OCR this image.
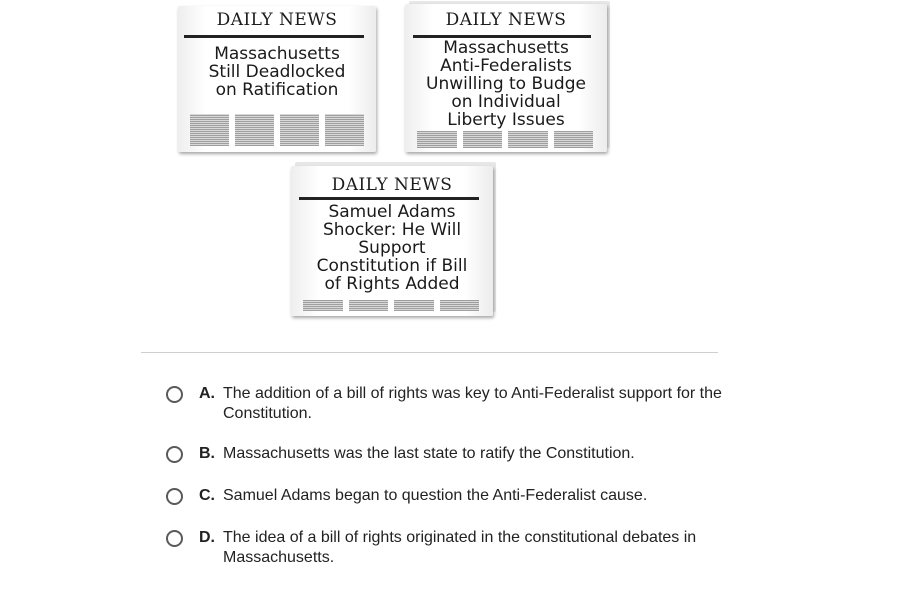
DAILY NEWS
Massachusetts
Still Deadlocked
on Ratification
DAILY NEWS
Massachusetts
Anti-Federalists
Unwilling to Budge
on Individual
Liberty Issues
DAILY NEWS
Samuel Adams
Shocker: He Will
Support
Constitution if Bill
of Rights Added
A. The addition of a bill of rights was key to Anti-Federalist support for the Constitution.
B. Massachusetts was the last state to ratify the Constitution.
C. Samuel Adams began to question the Anti-Federalist cause.
D. The idea of a bill of rights originated in the constitutional debates in Massachusetts.
